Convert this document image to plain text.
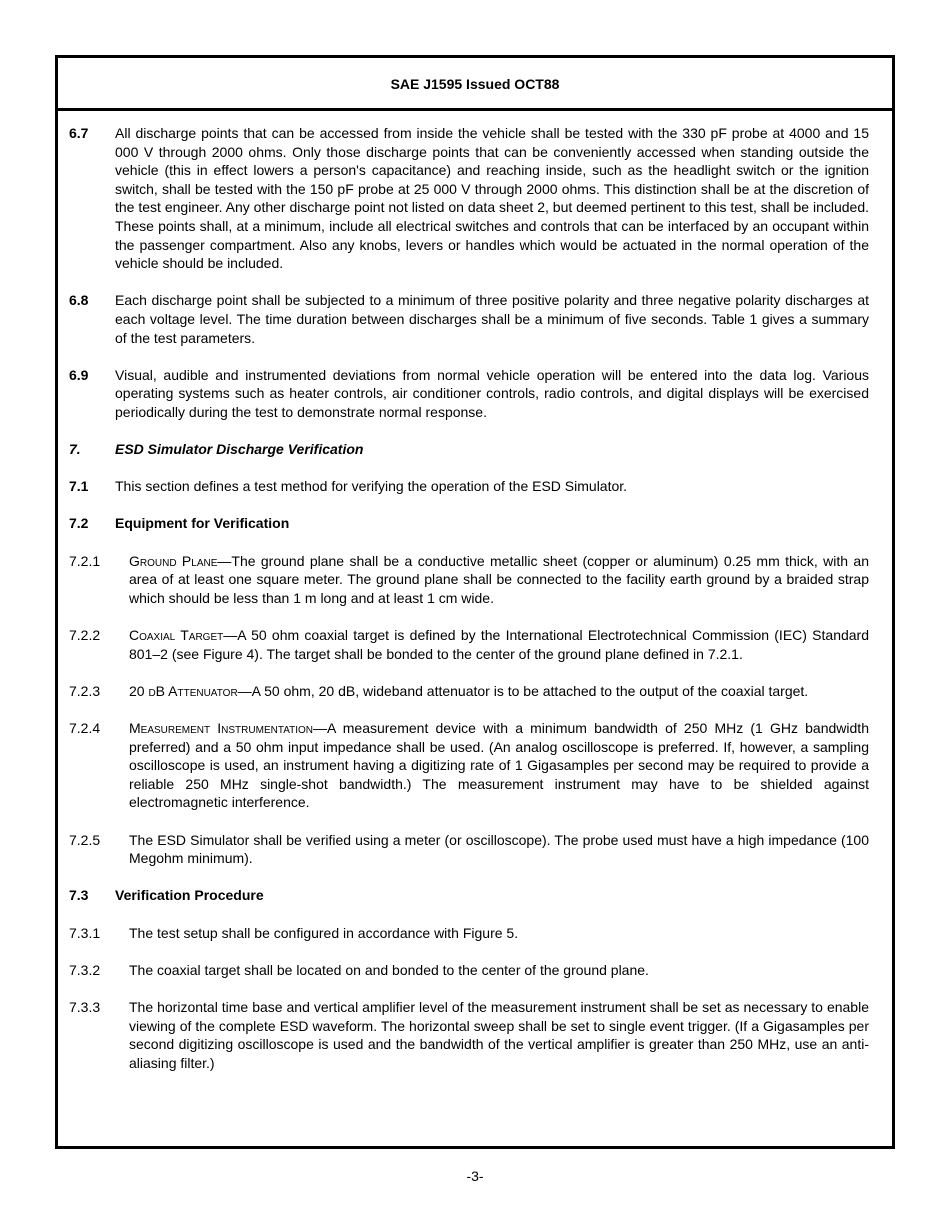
SAE J1595 Issued OCT88
6.7	All discharge points that can be accessed from inside the vehicle shall be tested with the 330 pF probe at 4000 and 15 000 V through 2000 ohms. Only those discharge points that can be conveniently accessed when standing outside the vehicle (this in effect lowers a person's capacitance) and reaching inside, such as the headlight switch or the ignition switch, shall be tested with the 150 pF probe at 25 000 V through 2000 ohms. This distinction shall be at the discretion of the test engineer. Any other discharge point not listed on data sheet 2, but deemed pertinent to this test, shall be included. These points shall, at a minimum, include all electrical switches and controls that can be interfaced by an occupant within the passenger compartment. Also any knobs, levers or handles which would be actuated in the normal operation of the vehicle should be included.
6.8	Each discharge point shall be subjected to a minimum of three positive polarity and three negative polarity discharges at each voltage level. The time duration between discharges shall be a minimum of five seconds. Table 1 gives a summary of the test parameters.
6.9	Visual, audible and instrumented deviations from normal vehicle operation will be entered into the data log. Various operating systems such as heater controls, air conditioner controls, radio controls, and digital displays will be exercised periodically during the test to demonstrate normal response.
7.	ESD Simulator Discharge Verification
7.1	This section defines a test method for verifying the operation of the ESD Simulator.
7.2	Equipment for Verification
7.2.1	Ground Plane—The ground plane shall be a conductive metallic sheet (copper or aluminum) 0.25 mm thick, with an area of at least one square meter. The ground plane shall be connected to the facility earth ground by a braided strap which should be less than 1 m long and at least 1 cm wide.
7.2.2	Coaxial Target—A 50 ohm coaxial target is defined by the International Electrotechnical Commission (IEC) Standard 801–2 (see Figure 4). The target shall be bonded to the center of the ground plane defined in 7.2.1.
7.2.3	20 dB Attenuator—A 50 ohm, 20 dB, wideband attenuator is to be attached to the output of the coaxial target.
7.2.4	Measurement Instrumentation—A measurement device with a minimum bandwidth of 250 MHz (1 GHz bandwidth preferred) and a 50 ohm input impedance shall be used. (An analog oscilloscope is preferred. If, however, a sampling oscilloscope is used, an instrument having a digitizing rate of 1 Gigasamples per second may be required to provide a reliable 250 MHz single-shot bandwidth.) The measurement instrument may have to be shielded against electromagnetic interference.
7.2.5	The ESD Simulator shall be verified using a meter (or oscilloscope). The probe used must have a high impedance (100 Megohm minimum).
7.3	Verification Procedure
7.3.1	The test setup shall be configured in accordance with Figure 5.
7.3.2	The coaxial target shall be located on and bonded to the center of the ground plane.
7.3.3	The horizontal time base and vertical amplifier level of the measurement instrument shall be set as necessary to enable viewing of the complete ESD waveform. The horizontal sweep shall be set to single event trigger. (If a Gigasamples per second digitizing oscilloscope is used and the bandwidth of the vertical amplifier is greater than 250 MHz, use an anti-aliasing filter.)
-3-
